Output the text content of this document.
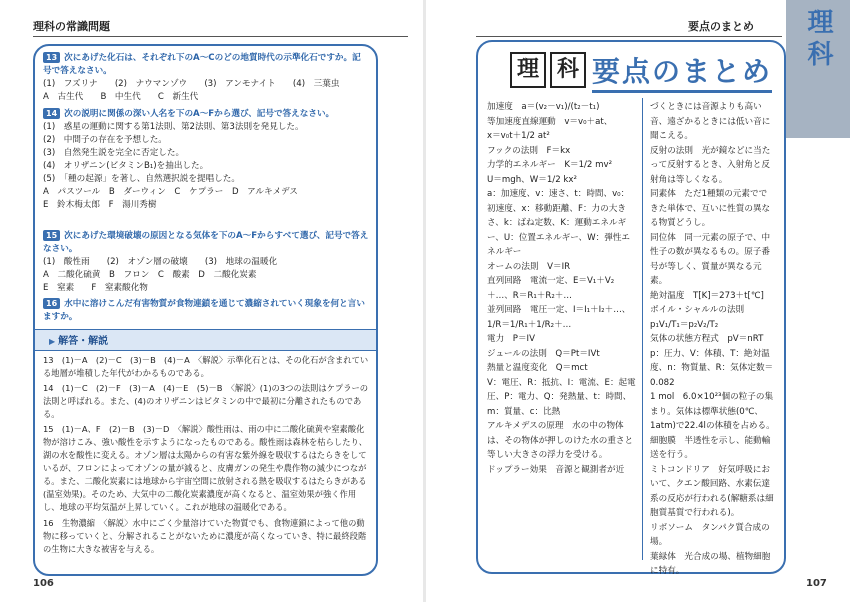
理科の常識問題
13 次にあげた化石は、それぞれ下のA～Cのどの地質時代の示準化石ですか。記号で答えなさい。
(1)　フズリナ　　(2)　ナウマンゾウ　　(3)　アンモナイト　　(4)　三葉虫
A　古生代　　B　中生代　　C　新生代
14 次の説明に関係の深い人名を下のA～Fから選び、記号で答えなさい。
(1)　惑星の運動に関する第1法則、第2法則、第3法則を発見した。
(2)　中間子の存在を予想した。
(3)　自然発生説を完全に否定した。
(4)　オリザニン(ビタミンB₁)を抽出した。
(5)　「種の起源」を著し、自然選択説を提唱した。
A　パスツール　B　ダーウィン　C　ケプラー　D　アルキメデス
E　鈴木梅太郎　F　湯川秀樹
15 次にあげた環境破壊の原因となる気体を下のA～Fからすべて選び、記号で答えなさい。
(1)　酸性雨　　(2)　オゾン層の破壊　　(3)　地球の温暖化
A　二酸化硫黄　B　フロン　C　酸素　D　二酸化炭素
E　窒素　　F　窒素酸化物
16 水中に溶けこんだ有害物質が食物連鎖を通じて濃縮されていく現象を何と言いますか。
▶ 解答・解説
13　(1)－A　(2)－C　(3)－B　(4)－A　〈解説〉示準化石とは、その化石が含まれている地層が堆積した年代がわかるものである。
14　(1)－C　(2)－F　(3)－A　(4)－E　(5)－B　〈解説〉(1)の3つの法則はケプラーの法則と呼ばれる。また、(4)のオリザニンはビタミンの中で最初に分離されたものである。
15　(1)－A、F　(2)－B　(3)－D　〈解説〉酸性雨は、雨の中に二酸化硫黄や窒素酸化物が溶けこみ、強い酸性を示すようになったものである。酸性雨は森林を枯らしたり、湖の水を酸性に変える。オゾン層は太陽からの有害な紫外線を吸収するはたらきをしているが、フロンによってオゾンの量が減ると、皮膚ガンの発生や農作物の減少につながる。また、二酸化炭素には地球から宇宙空間に放射される熱を吸収するはたらきがある(温室効果)。そのため、大気中の二酸化炭素濃度が高くなると、温室効果が強く作用し、地球の平均気温が上昇していく。これが地球の温暖化である。
16　生物濃縮　〈解説〉水中にごく少量溶けていた物質でも、食物連鎖によって他の動物に移っていくと、分解されることがないために濃度が高くなっていき、特に最終段階の生物に大きな被害を与える。
106
要点のまとめ 理科
理 科 要点のまとめ
加速度　a＝(v₂－v₁)/(t₂－t₁)
等加速度直線運動　v＝v₀＋at、
x＝v₀t＋1/2 at²
フックの法則　F＝kx
力学的エネルギー　K＝1/2 mv²
U＝mgh、W＝1/2 kx²
a：加速度、v：速さ、t：時間、v₀：初速度、x：移動距離、F：力の大きさ、k：ばね定数、K：運動エネルギー、U：位置エネルギー、W：弾性エネルギー
オームの法則　V＝IR
直列回路　電流一定、E＝V₁＋V₂＋…、R＝R₁＋R₂＋…
並列回路　電圧一定、I＝I₁＋I₂＋…、1/R＝1/R₁＋1/R₂＋…
電力　P＝IV
ジュールの法則　Q＝Pt＝IVt
熱量と温度変化　Q＝mct
V：電圧、R：抵抗、I：電流、E：起電圧、P：電力、Q：発熱量、t：時間、m：質量、c：比熱
アルキメデスの原理　水の中の物体は、その物体が押しのけた水の重さと等しい大きさの浮力を受ける。
ドップラー効果　音源と観測者が近
づくときには音源よりも高い音、遠ざかるときには低い音に聞こえる。
反射の法則　光が鏡などに当たって反射するとき、入射角と反射角は等しくなる。
同素体　ただ1種類の元素でできた単体で、互いに性質の異なる物質どうし。
同位体　同一元素の原子で、中性子の数が異なるもの。原子番号が等しく、質量が異なる元素。
絶対温度　T[K]＝273＋t[℃]
ボイル・シャルルの法則
p₁V₁/T₁＝p₂V₂/T₂
気体の状態方程式　pV＝nRT
p：圧力、V：体積、T：絶対温度、n：物質量、R：気体定数＝0.082
1 mol　6.0×10²³個の粒子の集まり。気体は標準状態(0℃、1atm)で22.4lの体積を占める。
細胞膜　半透性を示し、能動輸送を行う。
ミトコンドリア　好気呼吸において、クエン酸回路、水素伝達系の反応が行われる(解糖系は細胞質基質で行われる)。
リボソーム　タンパク質合成の場。
葉緑体　光合成の場、植物細胞に特有。
107
